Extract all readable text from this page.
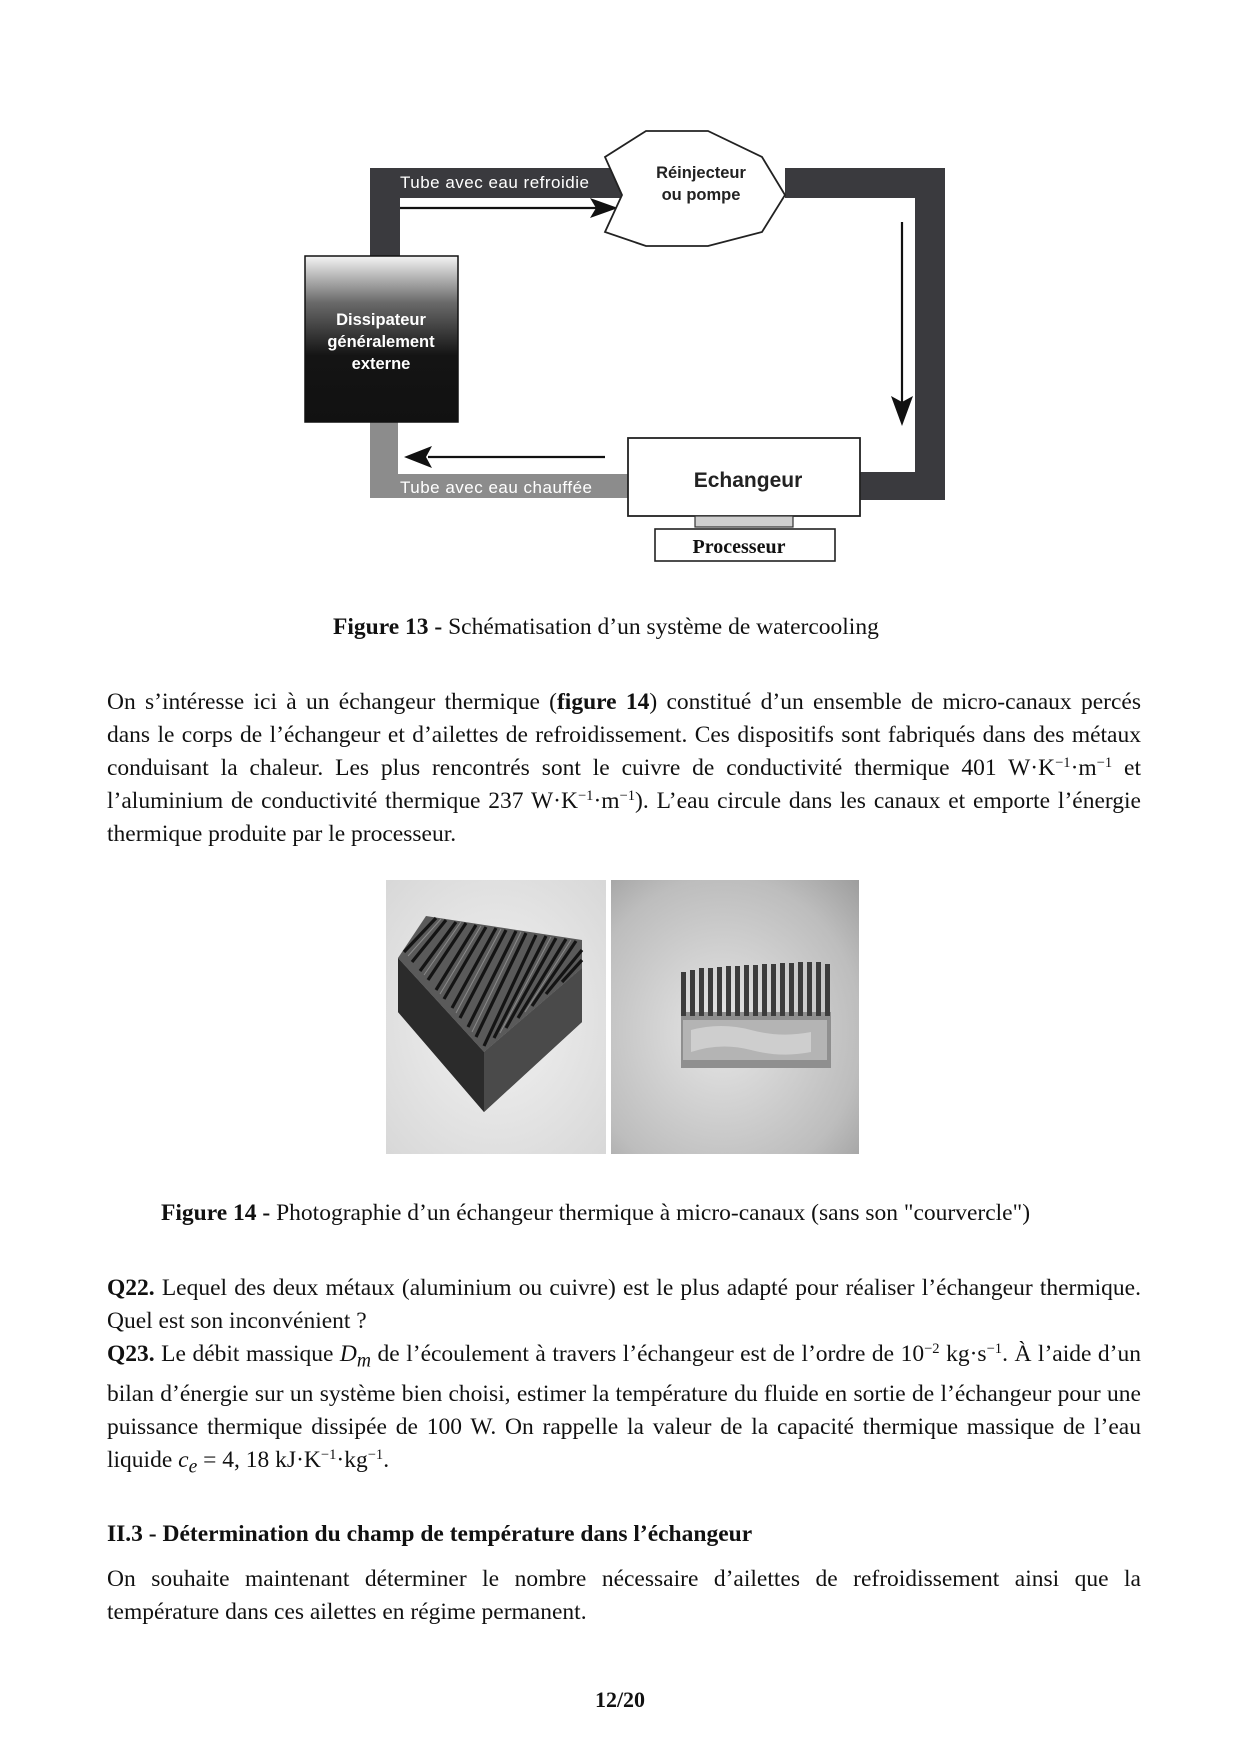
Tube avec eau refroidie
Tube avec eau chauffée
Réinjecteur
ou pompe
Dissipateur
généralement
externe
Echangeur
Processeur
Figure 13 - Schématisation d’un système de watercooling

On s’intéresse ici à un échangeur thermique (figure 14) constitué d’un ensemble de micro-canaux percés dans le corps de l’échangeur et d’ailettes de refroidissement. Ces dispositifs sont fabriqués dans des métaux conduisant la chaleur. Les plus rencontrés sont le cuivre de conductivité thermique 401 $W\cdot K^{-1}\cdot m^{-1}$ et l’aluminium de conductivité thermique 237 $W\cdot K^{-1}\cdot m^{-1}$). L’eau circule dans les canaux et emporte l’énergie thermique produite par le processeur.

Figure 14 - Photographie d’un échangeur thermique à micro-canaux (sans son "courvercle")

Q22. Lequel des deux métaux (aluminium ou cuivre) est le plus adapté pour réaliser l’échangeur thermique. Quel est son inconvénient ?

Q23. Le débit massique $D_m$ de l’écoulement à travers l’échangeur est de l’ordre de $10^{-2}$ $kg\cdot s^{-1}$. À l’aide d’un bilan d’énergie sur un système bien choisi, estimer la température du fluide en sortie de l’échangeur pour une puissance thermique dissipée de 100 W. On rappelle la valeur de la capacité thermique massique de l’eau liquide $c_e = 4$, 18 $kJ\cdot K^{-1}\cdot kg^{-1}$.

II.3 - Détermination du champ de température dans l’échangeur

On souhaite maintenant déterminer le nombre nécessaire d’ailettes de refroidissement ainsi que la température dans ces ailettes en régime permanent.

12/20
